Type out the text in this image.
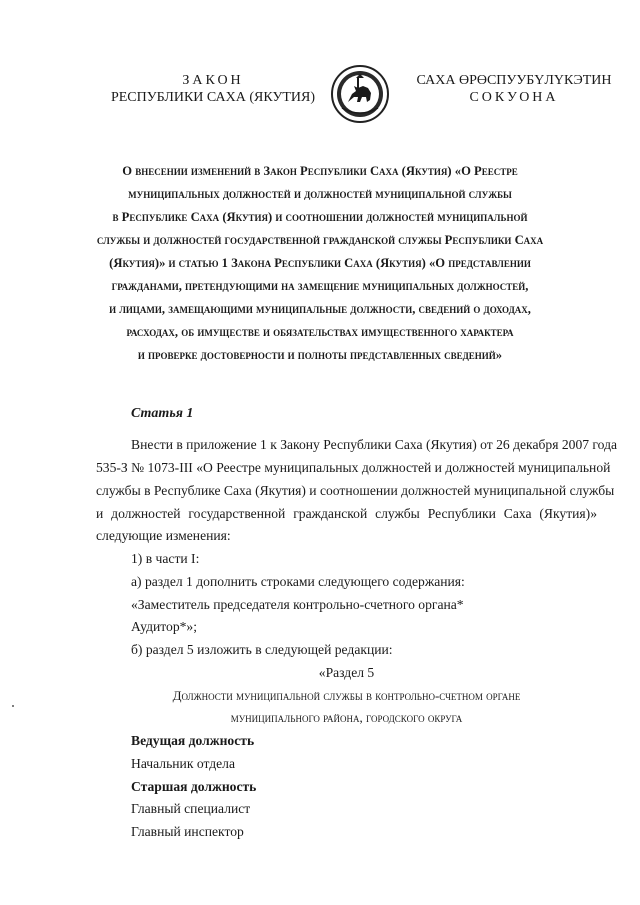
ЗАКОН
РЕСПУБЛИКИ САХА (ЯКУТИЯ)
САХА ӨРӨСПУУБҮЛҮКЭТИН
СОКУОНА
О внесении изменений в Закон Республики Саха (Якутия) «О Реестре
муниципальных должностей и должностей муниципальной службы
в Республике Саха (Якутия) и соотношении должностей муниципальной
службы и должностей государственной гражданской службы Республики Саха
(Якутия)» и статью 1 Закона Республики Саха (Якутия) «О представлении
гражданами, претендующими на замещение муниципальных должностей,
и лицами, замещающими муниципальные должности, сведений о доходах,
расходах, об имуществе и обязательствах имущественного характера
и проверке достоверности и полноты представленных сведений»
Статья 1
Внести в приложение 1 к Закону Республики Саха (Якутия) от 26 декабря 2007 года
535-З № 1073-III «О Реестре муниципальных должностей и должностей муниципальной
службы в Республике Саха (Якутия) и соотношении должностей муниципальной службы
и должностей государственной гражданской службы Республики Саха (Якутия)»
следующие изменения:
1) в части I:
а) раздел 1 дополнить строками следующего содержания:
«Заместитель председателя контрольно-счетного органа*
Аудитор*»;
б) раздел 5 изложить в следующей редакции:
«Раздел 5
Должности муниципальной службы в контрольно-счетном органе
муниципального района, городского округа
Ведущая должность
Начальник отдела
Старшая должность
Главный специалист
Главный инспектор
